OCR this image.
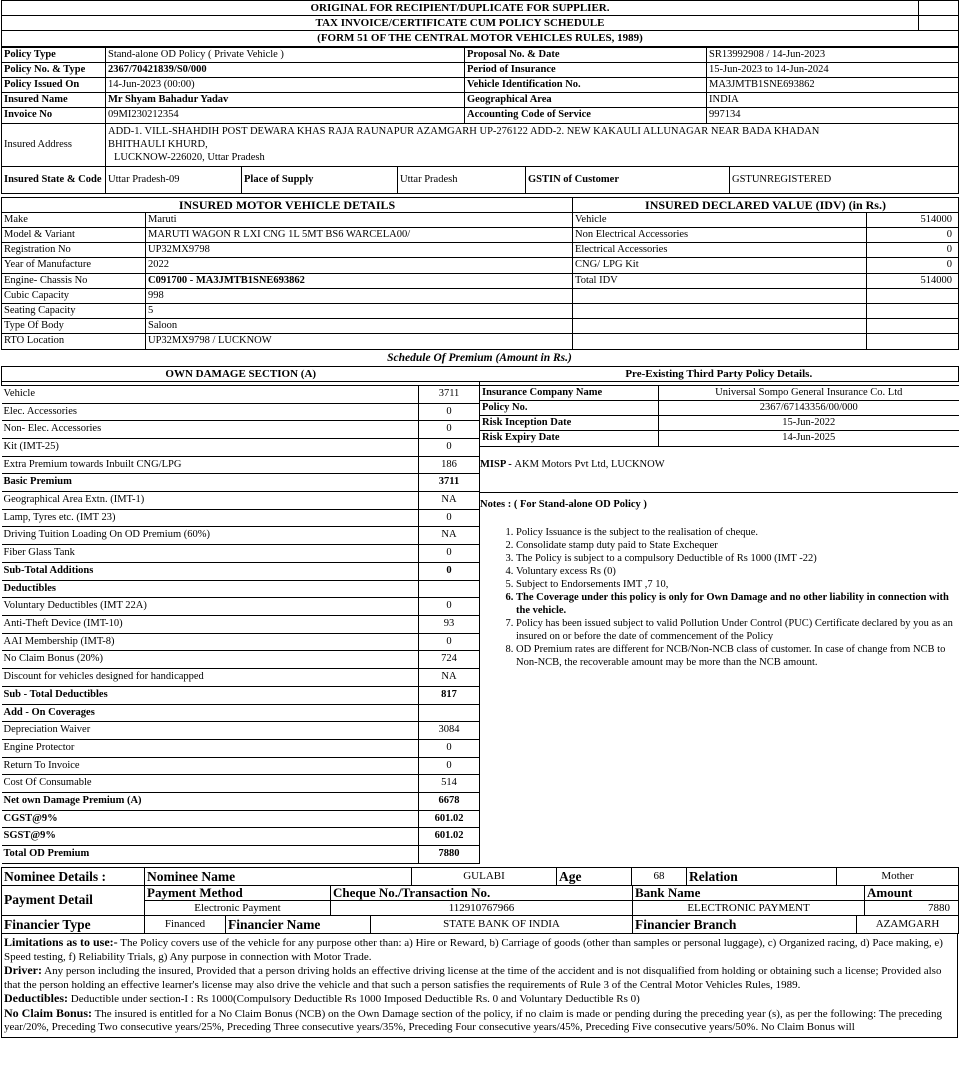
ORIGINAL FOR RECIPIENT/DUPLICATE FOR SUPPLIER.	
TAX INVOICE/CERTIFICATE CUM POLICY SCHEDULE	
(FORM 51 OF THE CENTRAL MOTOR VEHICLES RULES, 1989)	
Policy Type	Stand-alone OD Policy ( Private Vehicle )	Proposal No. & Date	SR13992908 / 14-Jun-2023
Policy No. & Type	2367/70421839/S0/000	Period of Insurance	15-Jun-2023 to 14-Jun-2024
Policy Issued On	14-Jun-2023 (00:00)	Vehicle Identification No.	MA3JMTB1SNE693862
Insured Name	Mr Shyam Bahadur Yadav	Geographical Area	INDIA
Invoice No	09MI230212354	Accounting Code of Service	997134
Insured Address	
ADD-1. VILL-SHAHDIH POST DEWARA KHAS RAJA RAUNAPUR AZAMGARH UP-276122 ADD-2. NEW KAKAULI ALLUNAGAR NEAR BADA KHADAN
BHITHAULI KHURD,
LUCKNOW-226020, Uttar Pradesh
Insured State & Code	Uttar Pradesh-09	Place of Supply	Uttar Pradesh	GSTIN of Customer	GSTUNREGISTERED
INSURED MOTOR VEHICLE DETAILS		INSURED DECLARED VALUE (IDV) (in Rs.)	
Make	Maruti	Vehicle	514000
Model & Variant	MARUTI WAGON R LXI CNG 1L 5MT BS6 WARCELA00/	Non Electrical Accessories	0
Registration No	UP32MX9798	Electrical Accessories	0
Year of Manufacture	2022	CNG/ LPG Kit	0
Engine- Chassis No	C091700 - MA3JMTB1SNE693862	Total IDV	514000
Cubic Capacity	998		
Seating Capacity	5		
Type Of Body	Saloon		
RTO Location	UP32MX9798 / LUCKNOW		
Schedule Of Premium (Amount in Rs.)
OWN DAMAGE SECTION (A)	

Vehicle	3711
Elec. Accessories	0
Non- Elec. Accessories	0
Kit (IMT-25)	0
Extra Premium towards Inbuilt CNG/LPG	186
Basic Premium	3711
Geographical Area Extn. (IMT-1)	NA
Lamp, Tyres etc. (IMT 23)	0
Driving Tuition Loading On OD Premium (60%)	NA
Fiber Glass Tank	0
Sub-Total Additions	0
Deductibles	
Voluntary Deductibles (IMT 22A)	0
Anti-Theft Device (IMT-10)	93
AAI Membership (IMT-8)	0
No Claim Bonus (20%)	724
Discount for vehicles designed for handicapped	NA
Sub - Total Deductibles	817
Add - On Coverages	
Depreciation Waiver	3084
Engine Protector	0
Return To Invoice	0
Cost Of Consumable	514
Net own Damage Premium (A)	6678
CGST@9%	601.02
SGST@9%	601.02
Total OD Premium	7880
Pre-Existing Third Party Policy Details.	

Insurance Company Name	Universal Sompo General Insurance Co. Ltd
Policy No.	2367/67143356/00/000
Risk Inception Date	15-Jun-2022
Risk Expiry Date	14-Jun-2025
MISP - AKM Motors Pvt Ltd, LUCKNOW
Notes : ( For Stand-alone OD Policy )
1. Policy Issuance is the subject to the realisation of cheque.
2. Consolidate stamp duty paid to State Exchequer
3. The Policy is subject to a compulsory Deductible of Rs 1000 (IMT -22)
4. Voluntary excess Rs (0)
5. Subject to Endorsements IMT ,7 10,
6. The Coverage under this policy is only for Own Damage and no other liability in connection with the vehicle.
7. Policy has been issued subject to valid Pollution Under Control (PUC) Certificate declared by you as an insured on or before the date of commencement of the Policy
8. OD Premium rates are different for NCB/Non-NCB class of customer. In case of change from NCB to Non-NCB, the recoverable amount may be more than the NCB amount.
Nominee Details :	Nominee Name	GULABI	Age	68	Relation	Mother
Payment Detail	Payment Method	Cheque No./Transaction No.	Bank Name	Amount
	Electronic Payment	112910767966	ELECTRONIC PAYMENT	7880
Financier Type	Financed	Financier Name	STATE BANK OF INDIA	Financier Branch	AZAMGARH

Limitations as to use:- The Policy covers use of the vehicle for any purpose other than: a) Hire or Reward, b) Carriage of goods (other than samples or personal luggage), c) Organized racing, d) Pace making, e) Speed testing, f) Reliability Trials, g) Any purpose in connection with Motor Trade.

Driver: Any person including the insured, Provided that a person driving holds an effective driving license at the time of the accident and is not disqualified from holding or obtaining such a license; Provided also that the person holding an effective learner's license may also drive the vehicle and that such a person satisfies the requirements of Rule 3 of the Central Motor Vehicles Rules, 1989.

Deductibles: Deductible under section-I : Rs 1000(Compulsory Deductible Rs 1000 Imposed Deductible Rs. 0 and Voluntary Deductible Rs 0)

No Claim Bonus: The insured is entitled for a No Claim Bonus (NCB) on the Own Damage section of the policy, if no claim is made or pending during the preceding year (s), as per the following: The preceding year/20%, Preceding Two consecutive years/25%, Preceding Three consecutive years/35%, Preceding Four consecutive years/45%, Preceding Five consecutive years/50%. No Claim Bonus will
